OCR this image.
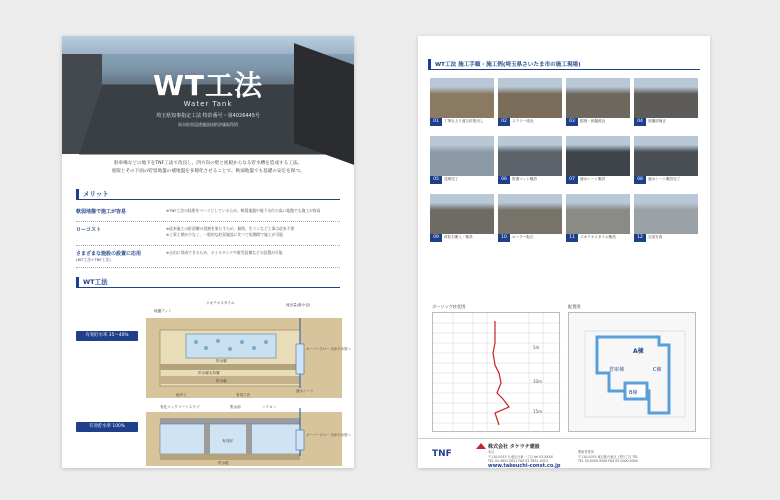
WT工法
Water Tank
埼玉県知事指定工法 特許番号・第4026445号
雨水貯留浸透施設技術評価取得済
駐車場などの地下をTNF工法で改良し、四方向の壁と底板からなる貯水槽を造成する工法。
底版とその下面の貯留地盤の補地盤を多層化させることで、軟弱地盤でも基礎の安定を保つ。
メリット
軟弱地盤で施工が容易	※TNF工法の技術をベースとしているため、軟弱地盤や地下水位の高い地盤でも施工が容易
ローコスト	※従来施工の貯留槽の役割を果たすため、掘削、生コンなど工事は従来不要
※工事工期が少なく、一般的な貯留施設に比べて短期間で施工が可能
さまざまな施設の設置に応用
(WT工法+TNF工法)
※自由に形成できるため、オイルタンクや駐雪設備などの設置が可能
WT工法
有効貯水率 35〜40%
地盤アット
ジオテキスタイル
貯水層
流出量(最小径)
オーバーフロー 出水下水管へ
遮水シート
地中工
貯水層支持層
有効工法
貯水板
有効貯水率 100%
有孔コンクリートスラブ	集水部	ハイロン
オーバーフロー 出水下水管へ
有効部
貯水板
WT工法 施工手順・施工例(埼玉県さいたま市の施工現場)
01	丁寧な上り盛る拡張出し	02	スラリー改良	03	掘削・底盤改良	04	底盤部補正
05	見晴完了	06	防護マット敷設	07	遮水シート敷設	08	遮水シート敷設完了
09	再粒石搬入・敷設	10	ローラー転圧	11	ジオテキスタイル敷設	12	完成写真
ボーリング柱状図
5m
10m
15m
配置図
A棟
倉庫棟	C棟
B棟
TNF
株式会社 タケウチ建設
本社
〒110-0015 台東区台東一丁目 tel 03-XXXX
TEL 03-3831-0021 FAX 03-3831-0023
関東営業所
〒110-0015 東京都台東区上野1丁目 TEL
TEL 03-0000-0000 FAX 03-0000-0000
www.takeuchi-const.co.jp
